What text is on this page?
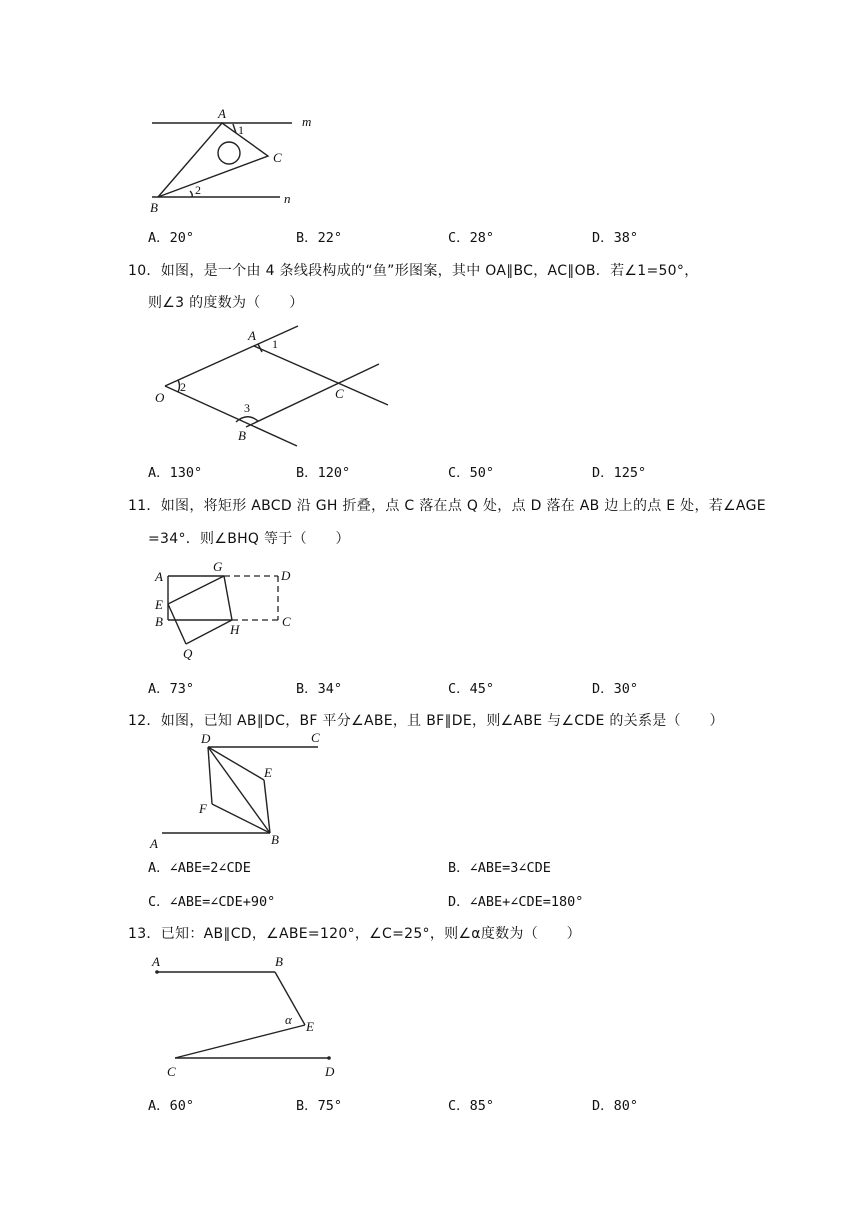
A
m
1
C
2
B
n
A．20°	B．22°	C．28°	D．38°
10．如图，是一个由 4 条线段构成的“鱼”形图案，其中 OA∥BC，AC∥OB．若∠1=50°，
则∠3 的度数为（　　）
A
1
2
O	C
3
B
A．130°	B．120°	C．50°	D．125°
11．如图，将矩形 ABCD 沿 GH 折叠，点 C 落在点 Q 处，点 D 落在 AB 边上的点 E 处，若∠AGE
=34°．则∠BHQ 等于（　　）
A
G
D
E
B
H
C
Q
A．73°	B．34°	C．45°	D．30°
12．如图，已知 AB∥DC，BF 平分∠ABE，且 BF∥DE，则∠ABE 与∠CDE 的关系是（　　）
D	C
E
F
A	B
A．∠ABE=2∠CDE	B．∠ABE=3∠CDE
C．∠ABE=∠CDE+90°	D．∠ABE+∠CDE=180°
13．已知：AB∥CD，∠ABE=120°，∠C=25°，则∠α度数为（　　）
A	B
α E
C	D
A．60°	B．75°	C．85°	D．80°
